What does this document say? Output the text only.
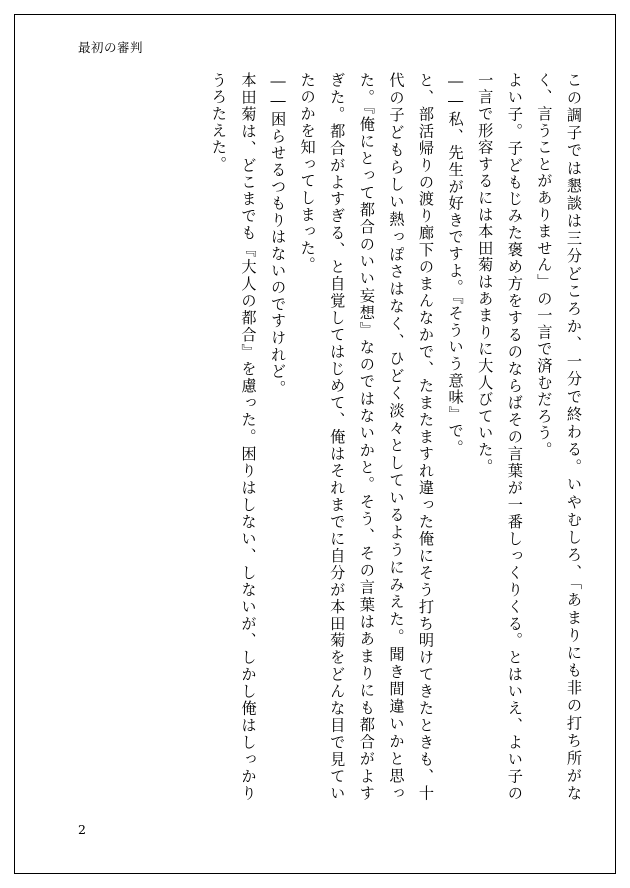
最初の審判

この調子では懇談は三分どころか、一分で終わる。いやむしろ、「あまりにも非の打ち所がなく、言うことがありません」の一言で済むだろう。

よい子。子どもじみた褒め方をするのならばその言葉が一番しっくりくる。とはいえ、よい子の一言で形容するには本田菊はあまりに大人びていた。

――私、先生が好きですよ。『そういう意味』で。

と、部活帰りの渡り廊下のまんなかで、たまたますれ違った俺にそう打ち明けてきたときも、十代の子どもらしい熱っぽさはなく、ひどく淡々としているようにみえた。聞き間違いかと思った。『俺にとって都合のいい妄想』なのではないかと。そう、その言葉はあまりにも都合がよすぎた。都合がよすぎる、と自覚してはじめて、俺はそれまでに自分が本田菊をどんな目で見ていたのかを知ってしまった。

――困らせるつもりはないのですけれど。

本田菊は、どこまでも『大人の都合』を慮った。困りはしない、しないが、しかし俺はしっかりうろたえた。

2
